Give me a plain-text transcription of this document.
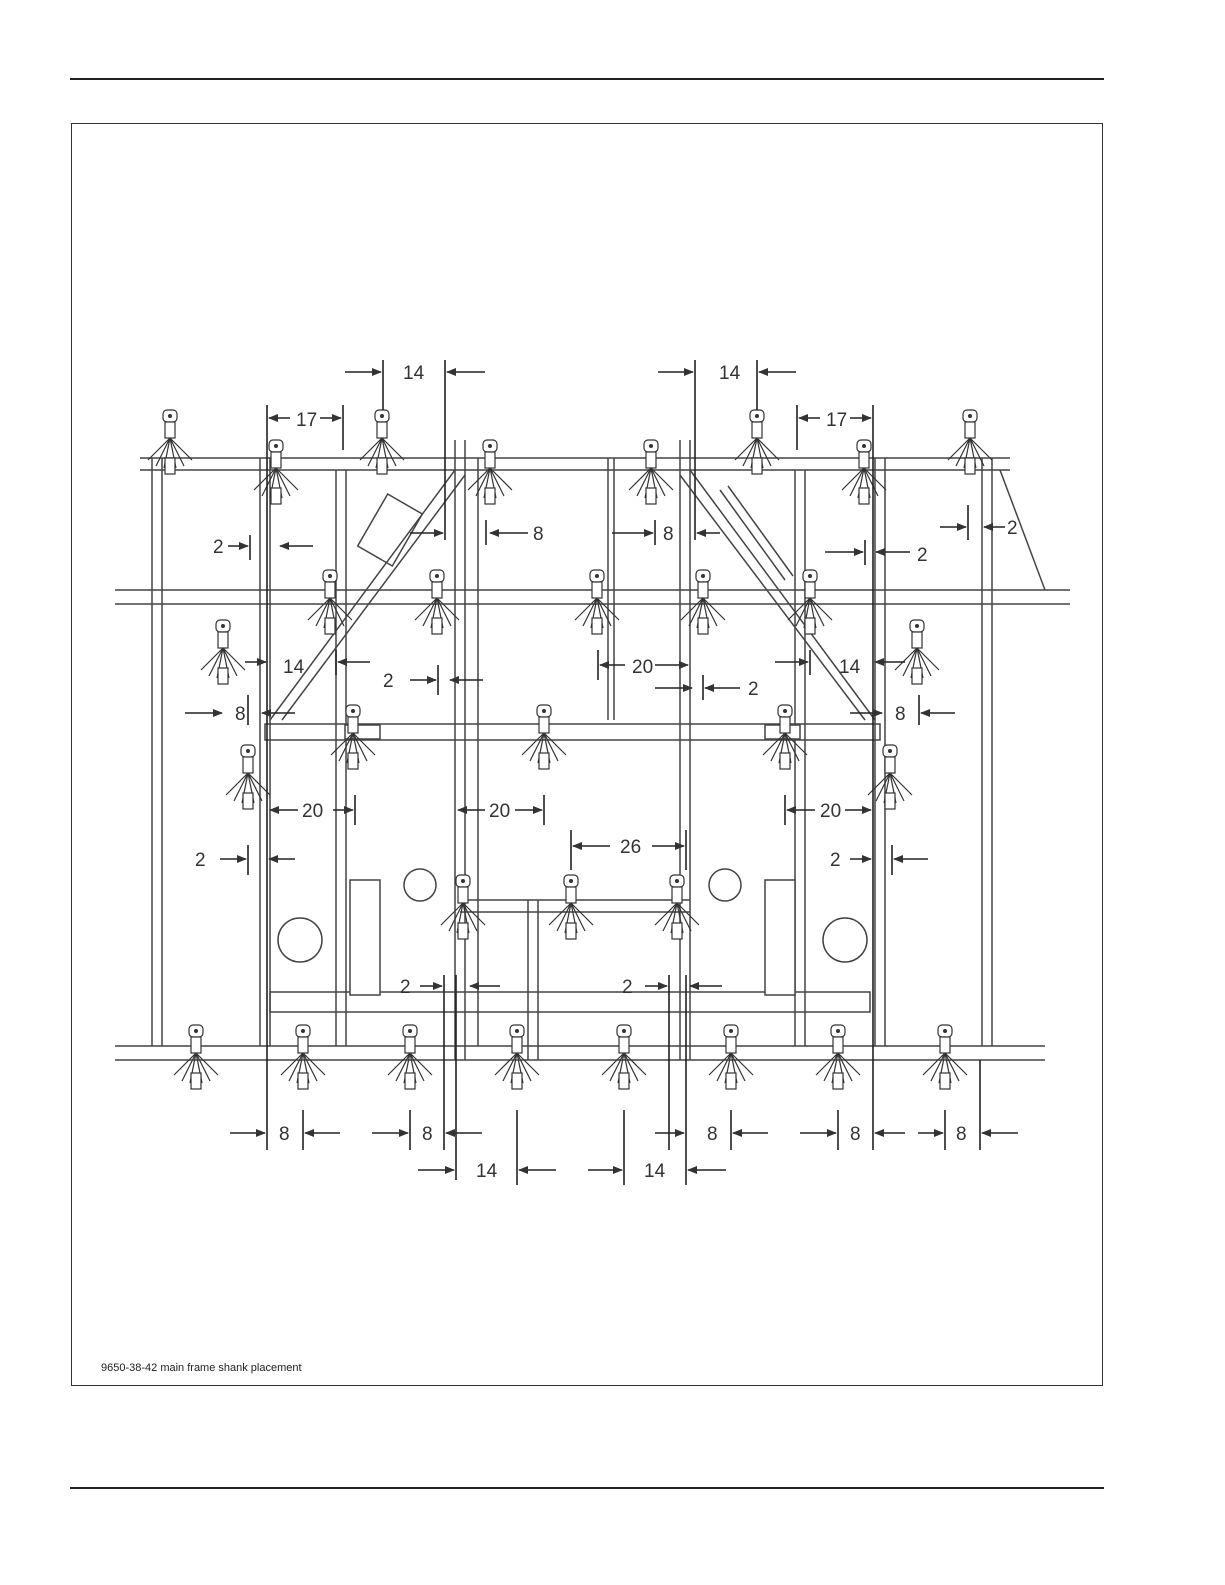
14	14
17	17
2
8	8
2
2
14
2
20
2
14
8	8
20	20	20
26
2	2
2	2
8	8	8	8	8
14	14
9650-38-42 main frame shank placement
